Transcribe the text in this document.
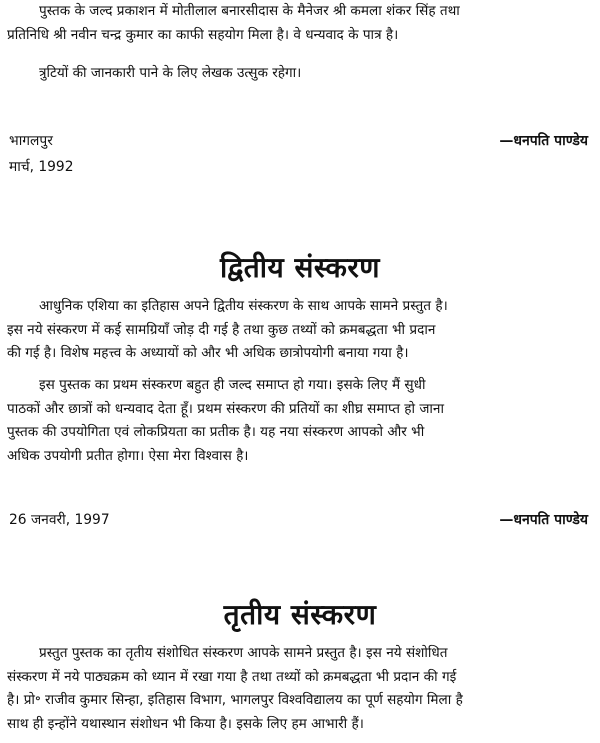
पुस्तक के जल्द प्रकाशन में मोतीलाल बनारसीदास के मैनेजर श्री कमला शंकर सिंह तथा
प्रतिनिधि श्री नवीन चन्द्र कुमार का काफी सहयोग मिला है। वे धन्यवाद के पात्र है।

त्रुटियों की जानकारी पाने के लिए लेखक उत्सुक रहेगा।

भागलपुर	—धनपति पाण्डेय

मार्च, 1992

द्वितीय संस्करण

आधुनिक एशिया का इतिहास अपने द्वितीय संस्करण के साथ आपके सामने प्रस्तुत है।
इस नये संस्करण में कई सामग्रियाँ जोड़ दी गई है तथा कुछ तथ्यों को क्रमबद्धता भी प्रदान
की गई है। विशेष महत्त्व के अध्यायों को और भी अधिक छात्रोपयोगी बनाया गया है।

इस पुस्तक का प्रथम संस्करण बहुत ही जल्द समाप्त हो गया। इसके लिए मैं सुधी
पाठकों और छात्रों को धन्यवाद देता हूँ। प्रथम संस्करण की प्रतियों का शीघ्र समाप्त हो जाना
पुस्तक की उपयोगिता एवं लोकप्रियता का प्रतीक है। यह नया संस्करण आपको और भी
अधिक उपयोगी प्रतीत होगा। ऐसा मेरा विश्वास है।

26 जनवरी, 1997	—धनपति पाण्डेय

तृतीय संस्करण

प्रस्तुत पुस्तक का तृतीय संशोधित संस्करण आपके सामने प्रस्तुत है। इस नये संशोधित
संस्करण में नये पाठ्यक्रम को ध्यान में रखा गया है तथा तथ्यों को क्रमबद्धता भी प्रदान की गई
है। प्रो॰ राजीव कुमार सिन्हा, इतिहास विभाग, भागलपुर विश्वविद्यालय का पूर्ण सहयोग मिला है
साथ ही इन्होंने यथास्थान संशोधन भी किया है। इसके लिए हम आभारी हैं।
